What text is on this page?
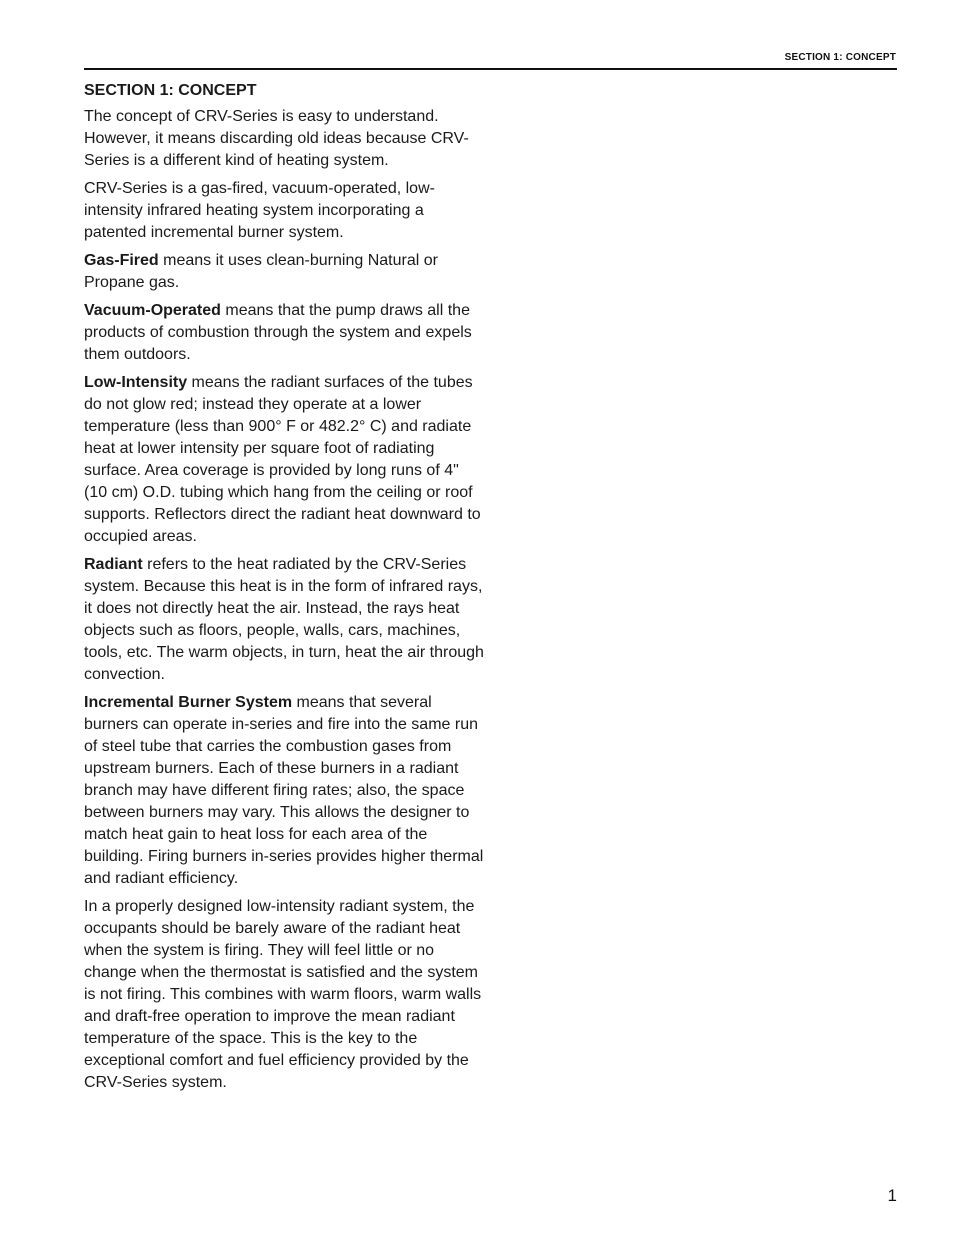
SECTION 1: CONCEPT
SECTION 1: CONCEPT

The concept of CRV-Series is easy to understand. However, it means discarding old ideas because CRV-Series is a different kind of heating system.

CRV-Series is a gas-fired, vacuum-operated, low-intensity infrared heating system incorporating a patented incremental burner system.

Gas-Fired means it uses clean-burning Natural or Propane gas.

Vacuum-Operated means that the pump draws all the products of combustion through the system and expels them outdoors.

Low-Intensity means the radiant surfaces of the tubes do not glow red; instead they operate at a lower temperature (less than 900° F or 482.2° C) and radiate heat at lower intensity per square foot of radiating surface. Area coverage is provided by long runs of 4" (10 cm) O.D. tubing which hang from the ceiling or roof supports. Reflectors direct the radiant heat downward to occupied areas.

Radiant refers to the heat radiated by the CRV-Series system. Because this heat is in the form of infrared rays, it does not directly heat the air. Instead, the rays heat objects such as floors, people, walls, cars, machines, tools, etc. The warm objects, in turn, heat the air through convection.

Incremental Burner System means that several burners can operate in-series and fire into the same run of steel tube that carries the combustion gases from upstream burners. Each of these burners in a radiant branch may have different firing rates; also, the space between burners may vary. This allows the designer to match heat gain to heat loss for each area of the building. Firing burners in-series provides higher thermal and radiant efficiency.

In a properly designed low-intensity radiant system, the occupants should be barely aware of the radiant heat when the system is firing. They will feel little or no change when the thermostat is satisfied and the system is not firing. This combines with warm floors, warm walls and draft-free operation to improve the mean radiant temperature of the space. This is the key to the exceptional comfort and fuel efficiency provided by the CRV-Series system.

1
